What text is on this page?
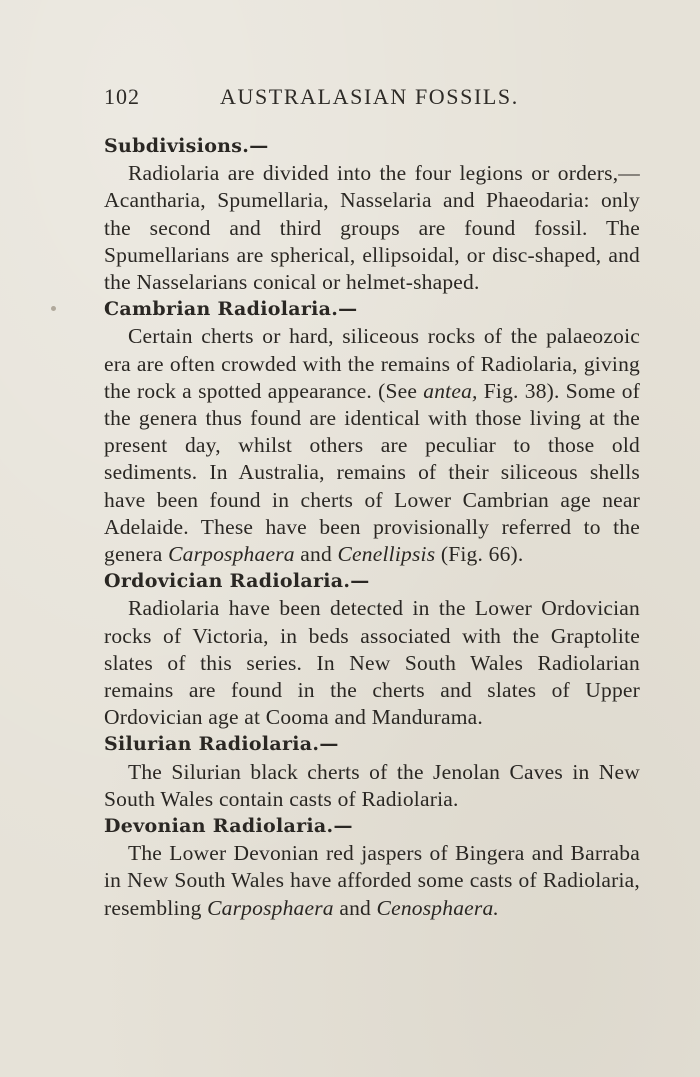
102	AUSTRALASIAN FOSSILS.
Subdivisions.—

Radiolaria are divided into the four legions or orders,—Acantharia, Spumellaria, Nasselaria and Phaeodaria: only the second and third groups are found fossil. The Spumellarians are spherical, ellipsoidal, or disc-shaped, and the Nasselarians conical or helmet-shaped.

Cambrian Radiolaria.—

Certain cherts or hard, siliceous rocks of the palaeozoic era are often crowded with the remains of Radiolaria, giving the rock a spotted appearance. (See antea, Fig. 38). Some of the genera thus found are identical with those living at the present day, whilst others are peculiar to those old sediments. In Australia, remains of their siliceous shells have been found in cherts of Lower Cambrian age near Adelaide. These have been provisionally referred to the genera Carposphaera and Cenellipsis (Fig. 66).

Ordovician Radiolaria.—

Radiolaria have been detected in the Lower Ordovician rocks of Victoria, in beds associated with the Graptolite slates of this series. In New South Wales Radiolarian remains are found in the cherts and slates of Upper Ordovician age at Cooma and Mandurama.

Silurian Radiolaria.—

The Silurian black cherts of the Jenolan Caves in New South Wales contain casts of Radiolaria.

Devonian Radiolaria.—

The Lower Devonian red jaspers of Bingera and Barraba in New South Wales have afforded some casts of Radiolaria, resembling Carposphaera and Cenosphaera.
